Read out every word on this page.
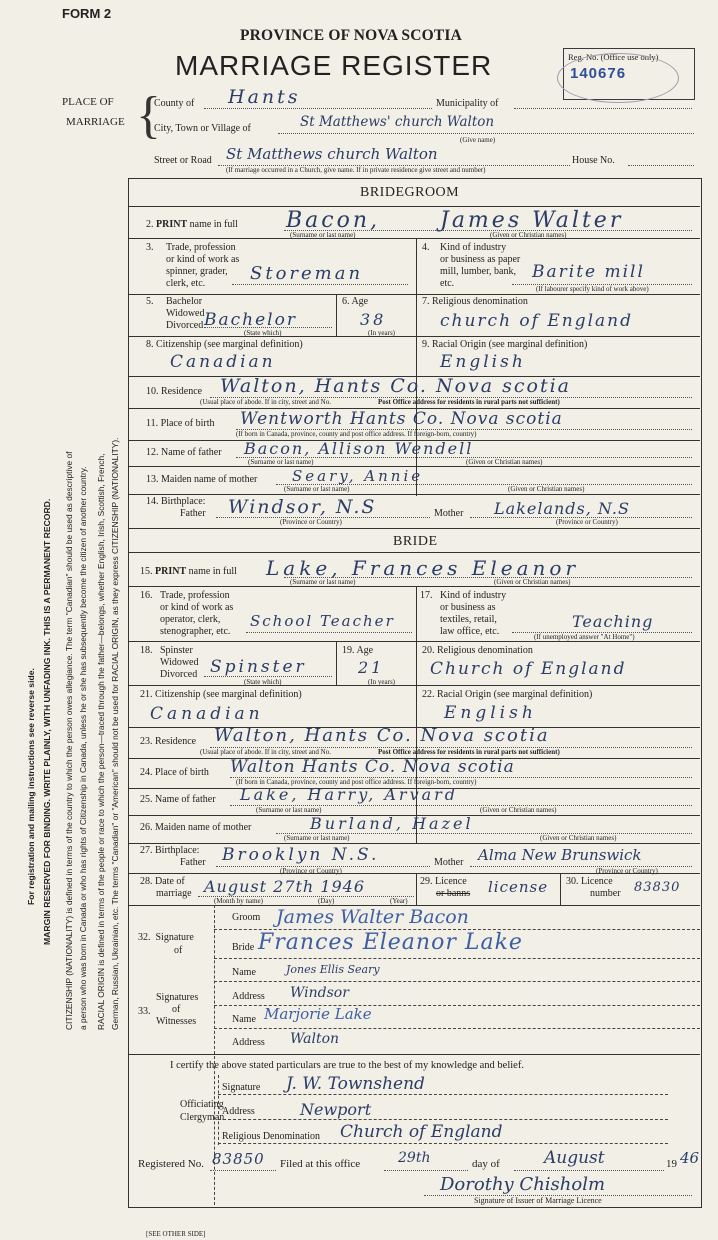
For registration and mailing instructions see reverse side. MARGIN RESERVED FOR BINDING. WRITE PLAINLY, WITH UNFADING INK. THIS IS A PERMANENT RECORD. CITIZENSHIP (NATIONALITY) is defined in terms of the country to which the person owes allegiance. The term "Canadian" should be used as descriptive of a person who was born in Canada or who has rights of Citizenship in Canada, unless he or she has subsequently become the citizen of another country. RACIAL ORIGIN is defined in terms of the people or race to which the person—traced through the father—belongs, whether English, Irish, Scottish, French, German, Russian, Ukrainian, etc. The terms "Canadian" or "American" should not be used for RACIAL ORIGIN, as they express CITIZENSHIP (NATIONALITY).
FORM 2
PROVINCE OF NOVA SCOTIA
MARRIAGE REGISTER	Reg. No. (Office use only)
140676
PLACE OF
MARRIAGE {
County of Hants	Municipality of
City, Town or Village of	St Matthews' church Walton
(Give name)
Street or Road St Matthews church Walton	House No.
(If marriage occurred in a Church, give name. If in private residence give street and number)
BRIDEGROOM
2. PRINT name in full Bacon,	James Walter
(Surname or last name)	(Given or Christian names)
3. Trade, profession
or kind of work as
spinner, grader,
clerk, etc.	Storeman
4. Kind of industry
or business as paper
mill, lumber, bank,
etc.
Barite mill
(If labourer specify kind of work above)
5. Bachelor
Widowed
Divorced Bachelor
(State which)
6. Age
38
(In years)
7. Religious denomination
church of England
8. Citizenship (see marginal definition)
Canadian
9. Racial Origin (see marginal definition)
English
10. Residence Walton, Hants Co. Nova scotia
(Usual place of abode. If in city, street and No.	Post Office address for residents in rural parts not sufficient)
11. Place of birth Wentworth Hants Co. Nova scotia
(If born in Canada, province, county and post office address. If foreign-born, country)
12. Name of father Bacon, Allison Wendell
(Surname or last name)	(Given or Christian names)
13. Maiden name of mother Seary, Annie
(Surname or last name)	(Given or Christian names)
14. Birthplace:
Father Windsor, N.S	Mother Lakelands, N.S
(Province or Country)	(Province or Country)
BRIDE
15. PRINT name in full Lake, Frances Eleanor
(Surname or last name)	(Given or Christian names)
16. Trade, profession
or kind of work as
operator, clerk,
stenographer, etc.
School Teacher
17. Kind of industry
or business as
textiles, retail,
law office, etc.
Teaching
(If unemployed answer "At Home")
18. Spinster
Widowed
Divorced Spinster
(State which)
19. Age
21
(In years)
20. Religious denomination
Church of England
21. Citizenship (see marginal definition)
Canadian
22. Racial Origin (see marginal definition)
English
23. Residence Walton, Hants Co. Nova scotia
(Usual place of abode. If in city, street and No.	Post Office address for residents in rural parts not sufficient)
24. Place of birth Walton Hants Co. Nova scotia
(If born in Canada, province, county and post office address. If foreign-born, country)
25. Name of father Lake, Harry, Arvard
(Surname or last name)	(Given or Christian names)
26. Maiden name of mother	Burland, Hazel
(Surname or last name)	(Given or Christian names)
27. Birthplace:
Father Brooklyn N.S.	Mother Alma New Brunswick
(Province or Country)	(Province or Country)
28. Date of
marriage August 27th 1946
(Month by name)	(Day)	(Year)
29. Licence
or banns license 30. Licence
number 83830
32. Signature
of
Groom James Walter Bacon
Bride Frances Eleanor Lake
Signatures
of
Witnesses
33.
Name	Jones Ellis Seary
Address Windsor
Name Marjorie Lake
Address Walton
I certify the above stated particulars are true to the best of my knowledge and belief.
Officiating
Clergyman
Signature J. W. Townshend
Address	Newport
Religious Denomination Church of England
Registered No. 83850 Filed at this office	29th	day of	August	19 46
Dorothy Chisholm
Signature of Issuer of Marriage Licence
[SEE OTHER SIDE]
